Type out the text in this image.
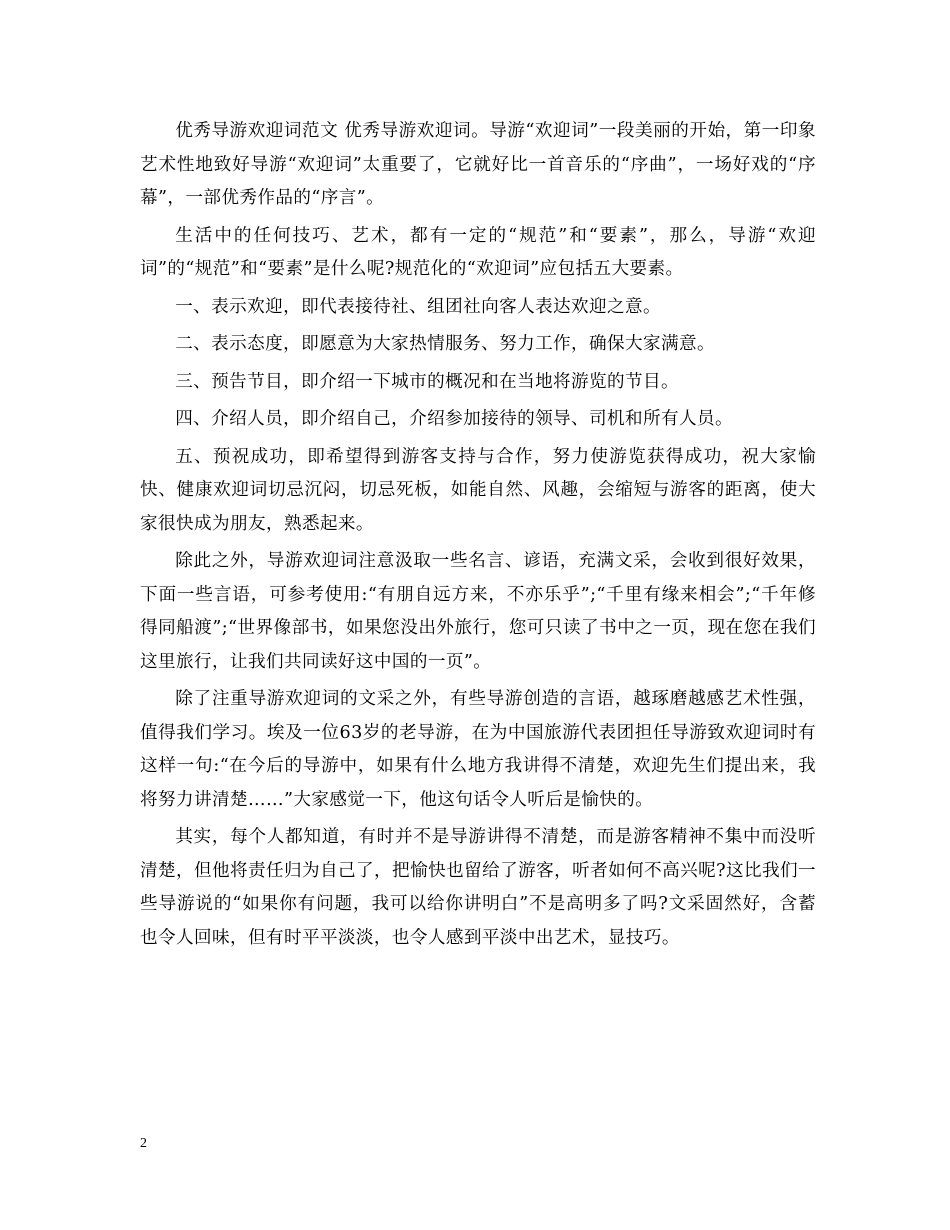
优秀导游欢迎词范文 优秀导游欢迎词。导游“欢迎词”一段美丽的开始，第一印象艺术性地致好导游“欢迎词”太重要了，它就好比一首音乐的“序曲”，一场好戏的“序幕”，一部优秀作品的“序言”。

生活中的任何技巧、艺术，都有一定的“规范”和“要素”，那么，导游“欢迎词”的“规范”和“要素”是什么呢?规范化的“欢迎词”应包括五大要素。

一、表示欢迎，即代表接待社、组团社向客人表达欢迎之意。

二、表示态度，即愿意为大家热情服务、努力工作，确保大家满意。

三、预告节目，即介绍一下城市的概况和在当地将游览的节目。

四、介绍人员，即介绍自己，介绍参加接待的领导、司机和所有人员。

五、预祝成功，即希望得到游客支持与合作，努力使游览获得成功，祝大家愉快、健康欢迎词切忌沉闷，切忌死板，如能自然、风趣，会缩短与游客的距离，使大家很快成为朋友，熟悉起来。

除此之外，导游欢迎词注意汲取一些名言、谚语，充满文采，会收到很好效果，下面一些言语，可参考使用:“有朋自远方来，不亦乐乎”;“千里有缘来相会”;“千年修得同船渡”;“世界像部书，如果您没出外旅行，您可只读了书中之一页，现在您在我们这里旅行，让我们共同读好这中国的一页”。

除了注重导游欢迎词的文采之外，有些导游创造的言语，越琢磨越感艺术性强，值得我们学习。埃及一位63岁的老导游，在为中国旅游代表团担任导游致欢迎词时有这样一句:“在今后的导游中，如果有什么地方我讲得不清楚，欢迎先生们提出来，我将努力讲清楚……”大家感觉一下，他这句话令人听后是愉快的。

其实，每个人都知道，有时并不是导游讲得不清楚，而是游客精神不集中而没听清楚，但他将责任归为自己了，把愉快也留给了游客，听者如何不高兴呢?这比我们一些导游说的“如果你有问题，我可以给你讲明白”不是高明多了吗?文采固然好，含蓄也令人回味，但有时平平淡淡，也令人感到平淡中出艺术，显技巧。

2
